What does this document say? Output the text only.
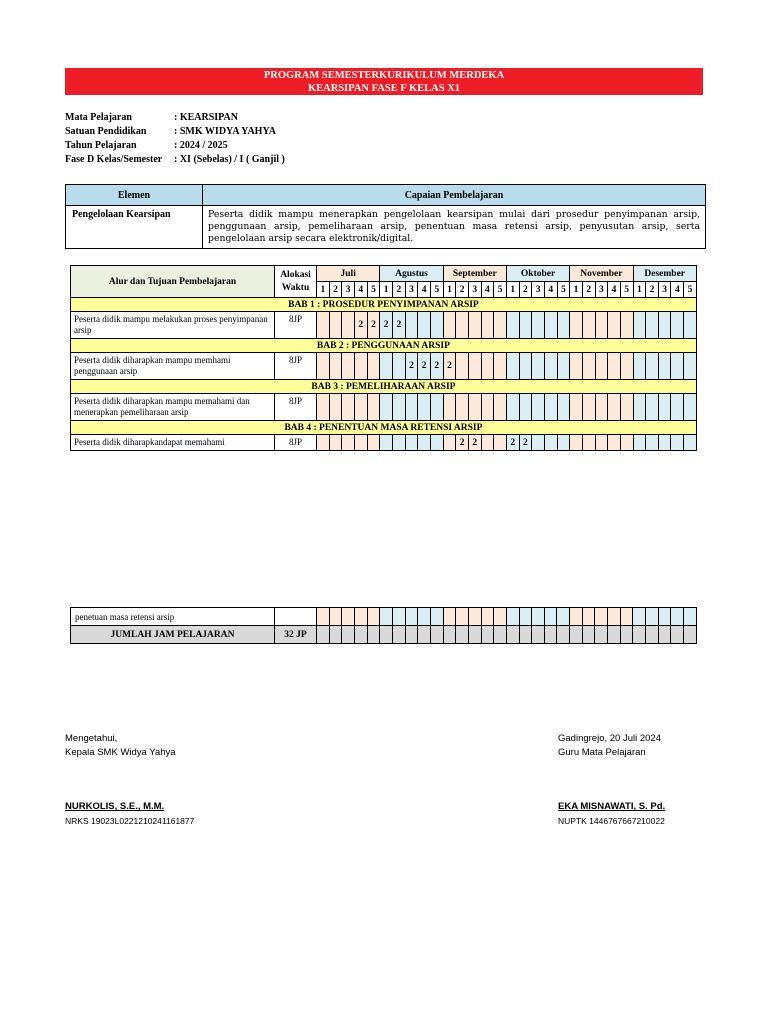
PROGRAM SEMESTERKURIKULUM MERDEKA
KEARSIPAN FASE F KELAS X1
Mata Pelajaran	: KEARSIPAN
Satuan Pendidikan	: SMK WIDYA YAHYA
Tahun Pelajaran	: 2024 / 2025
Fase D Kelas/Semester : XI (Sebelas) / I ( Ganjil )
Elemen	Capaian Pembelajaran
Pengelolaan Kearsipan	Peserta didik mampu menerapkan pengelolaan kearsipan mulai dari prosedur penyimpanan arsip, penggunaan arsip, pemeliharaan arsip, penentuan masa retensi arsip, penyusutan arsip, serta pengelolaan arsip secara elektronik/digital.
Alur dan Tujuan Pembelajaran	Alokasi Waktu	Juli					Agustus					September					Oktober					November					Desember				
		1	2	3	4	5	1	2	3	4	5	1	2	3	4	5	1	2	3	4	5	1	2	3	4	5	1	2	3	4	5
BAB 1 : PROSEDUR PENYIMPANAN ARSIP																															
Peserta didik mampu melakukan proses penyimpanan arsip	8JP				2	2	2	2																							
BAB 2 : PENGGUNAAN ARSIP																															
Peserta didik diharapkan mampu memhami penggunaan arsip	8JP								2	2	2	2																			
BAB 3 : PEMELIHARAAN ARSIP																															
Peserta didik diharapkan mampu memahami dan menerapkan pemeliharaan arsip	8JP																														
BAB 4 : PENENTUAN MASA RETENSI ARSIP																															
Peserta didik diharapkandapat memahami	8JP												2	2			2	2													
penetuan masa retensi arsip																															
JUMLAH JAM PELAJARAN	32 JP																														
Mengetahui,
Kepala SMK Widya Yahya
NURKOLIS, S.E., M.M.
NRKS 19023L0221210241161877
Gadingrejo, 20 Juli 2024
Guru Mata Pelajaran
EKA MISNAWATI, S. Pd.
NUPTK 1446767667210022
